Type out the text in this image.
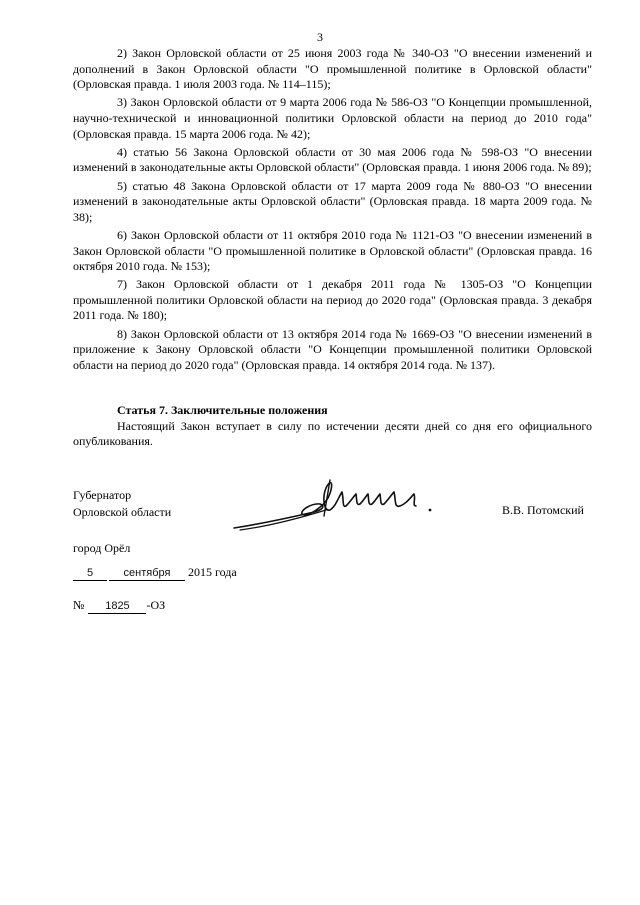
3

2) Закон Орловской области от 25 июня 2003 года № 340-ОЗ "О внесении изменений и дополнений в Закон Орловской области "О промышленной политике в Орловской области" (Орловская правда. 1 июля 2003 года. № 114–115);

3) Закон Орловской области от 9 марта 2006 года № 586-ОЗ "О Концепции промышленной, научно-технической и инновационной политики Орловской области на период до 2010 года" (Орловская правда. 15 марта 2006 года. № 42);

4) статью 56 Закона Орловской области от 30 мая 2006 года № 598-ОЗ "О внесении изменений в законодательные акты Орловской области" (Орловская правда. 1 июня 2006 года. № 89);

5) статью 48 Закона Орловской области от 17 марта 2009 года № 880-ОЗ "О внесении изменений в законодательные акты Орловской области" (Орловская правда. 18 марта 2009 года. № 38);

6) Закон Орловской области от 11 октября 2010 года № 1121-ОЗ "О внесении изменений в Закон Орловской области "О промышленной политике в Орловской области" (Орловская правда. 16 октября 2010 года. № 153);

7) Закон Орловской области от 1 декабря 2011 года № 1305-ОЗ "О Концепции промышленной политики Орловской области на период до 2020 года" (Орловская правда. 3 декабря 2011 года. № 180);

8) Закон Орловской области от 13 октября 2014 года № 1669-ОЗ "О внесении изменений в приложение к Закону Орловской области "О Концепции промышленной политики Орловской области на период до 2020 года" (Орловская правда. 14 октября 2014 года. № 137).

Статья 7. Заключительные положения

Настоящий Закон вступает в силу по истечении десяти дней со дня его официального опубликования.

Губернатор
Орловской области	В.В. Потомский
город Орёл
5	сентября 2015 года
№ 1825 -ОЗ
